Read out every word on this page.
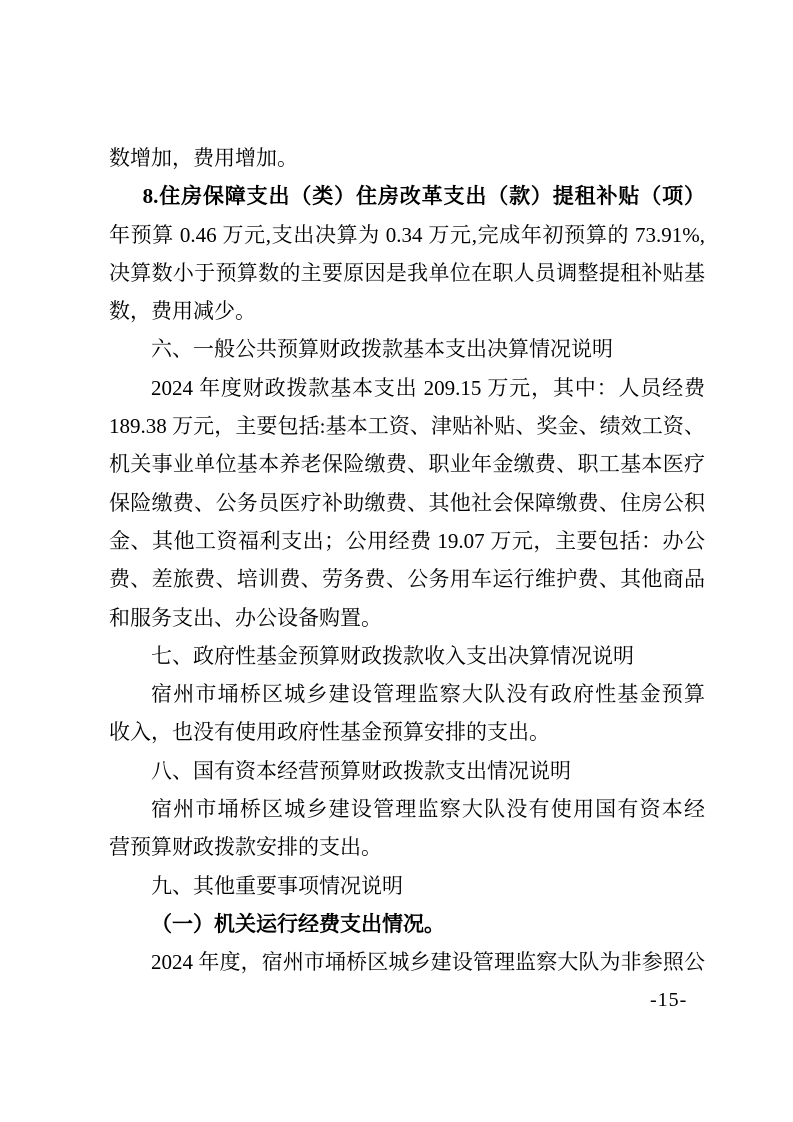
数增加，费用增加。
8.住房保障支出（类）住房改革支出（款）提租补贴（项）
年预算 0.46 万元,支出决算为 0.34 万元,完成年初预算的 73.91%,
决算数小于预算数的主要原因是我单位在职人员调整提租补贴基
数，费用减少。
六、一般公共预算财政拨款基本支出决算情况说明
2024 年度财政拨款基本支出 209.15 万元，其中：人员经费
189.38 万元，主要包括:基本工资、津贴补贴、奖金、绩效工资、
机关事业单位基本养老保险缴费、职业年金缴费、职工基本医疗
保险缴费、公务员医疗补助缴费、其他社会保障缴费、住房公积
金、其他工资福利支出；公用经费 19.07 万元，主要包括：办公
费、差旅费、培训费、劳务费、公务用车运行维护费、其他商品
和服务支出、办公设备购置。
七、政府性基金预算财政拨款收入支出决算情况说明
宿州市埇桥区城乡建设管理监察大队没有政府性基金预算
收入，也没有使用政府性基金预算安排的支出。
八、国有资本经营预算财政拨款支出情况说明
宿州市埇桥区城乡建设管理监察大队没有使用国有资本经
营预算财政拨款安排的支出。
九、其他重要事项情况说明
（一）机关运行经费支出情况。
2024 年度，宿州市埇桥区城乡建设管理监察大队为非参照公
-15-
